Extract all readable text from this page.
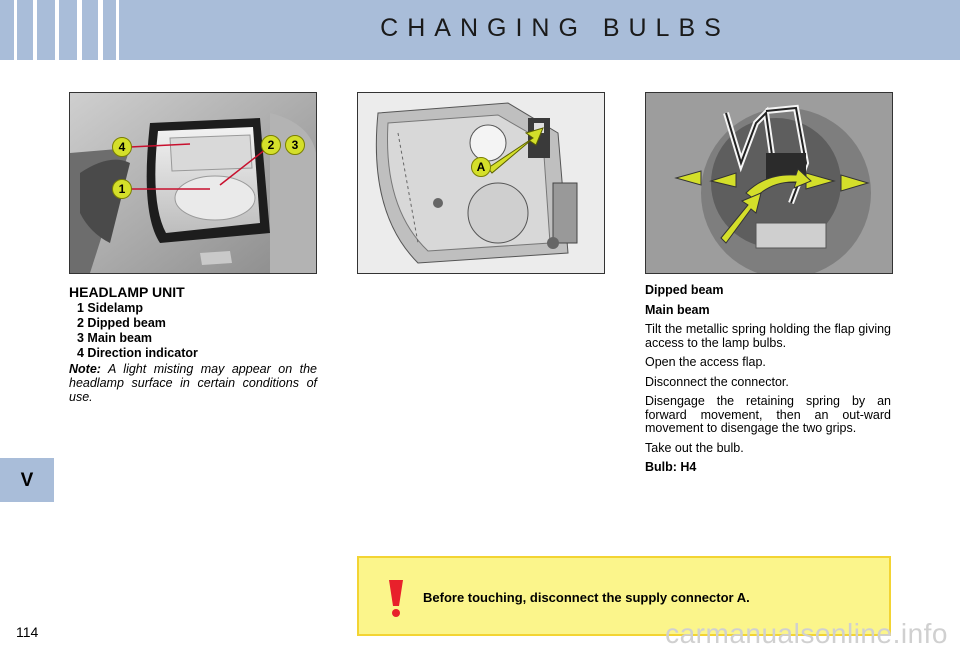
CHANGING BULBS
V
4	2	3
1
A
HEADLAMP UNIT
1 Sidelamp
2 Dipped beam
3 Main beam
4 Direction indicator
Note: A light misting may appear on the headlamp surface in certain conditions of use.

Dipped beam

Main beam

Tilt the metallic spring holding the flap giving access to the lamp bulbs.

Open the access flap.

Disconnect the connector.

Disengage the retaining spring by an forward movement, then an out-ward movement to disengage the two grips.

Take out the bulb.

Bulb: H4

Before touching, disconnect the supply connector A.
114	carmanualsonline.info
